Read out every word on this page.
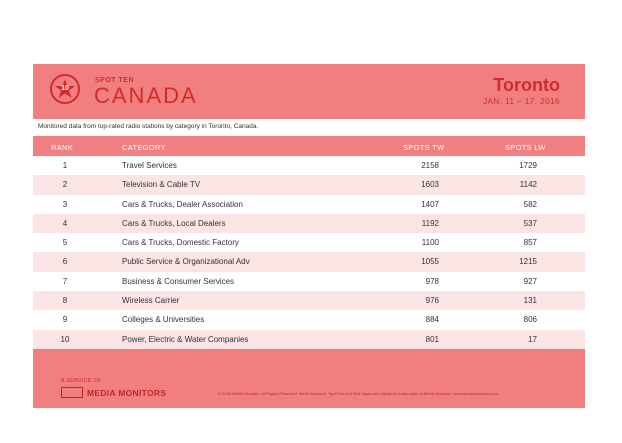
10
SPOT TEN
CANADA	Toronto
JAN. 11 – 17, 2016
Monitored data from top-rated radio stations by category in Toronto, Canada.
RANK	CATEGORY	SPOTS TW	SPOTS LW
1	Travel Services	2158	1729
2	Television & Cable TV	1603	1142
3	Cars & Trucks, Dealer Association	1407	582
4	Cars & Trucks, Local Dealers	1192	537
5	Cars & Trucks, Domestic Factory	1100	857
6	Public Service & Organizational Adv	1055	1215
7	Business & Consumer Services	978	927
8	Wireless Carrier	976	131
9	Colleges & Universities	884	806
10	Power, Electric & Water Companies	801	17
A SERVICE OF
MEDIA MONITORS	© 2016 Media Monitors. All Rights Reserved. Media Monitors, Spot Ten and their logos are registered trademarks of Media Monitors. www.mediamonitors.com
